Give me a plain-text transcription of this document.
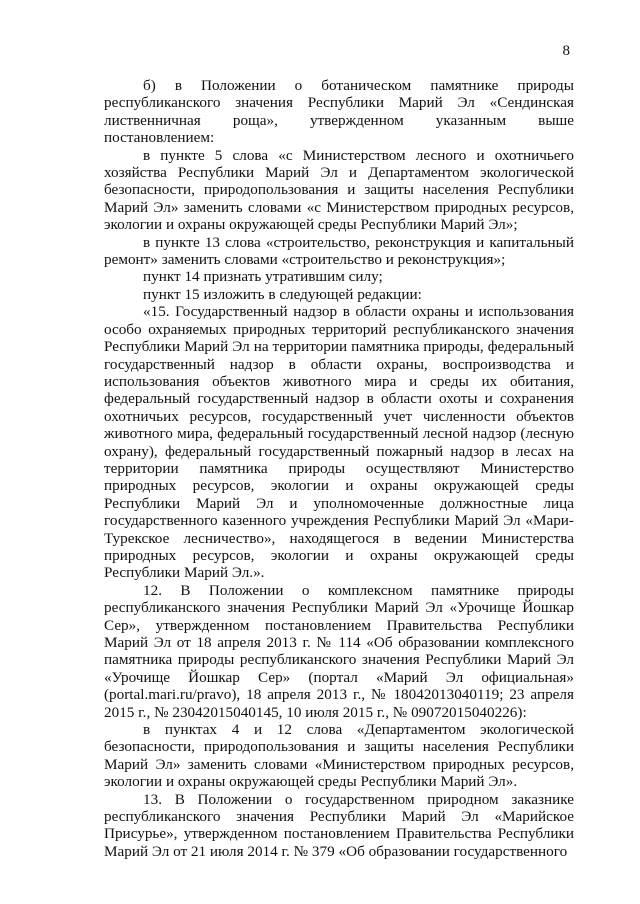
8

б) в Положении о ботаническом памятнике природы республиканского значения Республики Марий Эл «Сендинская лиственничная роща», утвержденном указанным выше постановлением:

в пункте 5 слова «с Министерством лесного и охотничьего хозяйства Республики Марий Эл и Департаментом экологической безопасности, природопользования и защиты населения Республики Марий Эл» заменить словами «с Министерством природных ресурсов, экологии и охраны окружающей среды Республики Марий Эл»;

в пункте 13 слова «строительство, реконструкция и капитальный ремонт» заменить словами «строительство и реконструкция»;

пункт 14 признать утратившим силу;

пункт 15 изложить в следующей редакции:

«15. Государственный надзор в области охраны и использования особо охраняемых природных территорий республиканского значения Республики Марий Эл на территории памятника природы, федеральный государственный надзор в области охраны, воспроизводства и использования объектов животного мира и среды их обитания, федеральный государственный надзор в области охоты и сохранения охотничьих ресурсов, государственный учет численности объектов животного мира, федеральный государственный лесной надзор (лесную охрану), федеральный государственный пожарный надзор в лесах на территории памятника природы осуществляют Министерство природных ресурсов, экологии и охраны окружающей среды Республики Марий Эл и уполномоченные должностные лица государственного казенного учреждения Республики Марий Эл «Мари-Турекское лесничество», находящегося в ведении Министерства природных ресурсов, экологии и охраны окружающей среды Республики Марий Эл.».

12. В Положении о комплексном памятнике природы республиканского значения Республики Марий Эл «Урочище Йошкар Сер», утвержденном постановлением Правительства Республики Марий Эл от 18 апреля 2013 г. № 114 «Об образовании комплексного памятника природы республиканского значения Республики Марий Эл «Урочище Йошкар Сер» (портал «Марий Эл официальная» (portal.mari.ru/pravo), 18 апреля 2013 г., № 18042013040119; 23 апреля 2015 г., № 23042015040145, 10 июля 2015 г., № 09072015040226):

в пунктах 4 и 12 слова «Департаментом экологической безопасности, природопользования и защиты населения Республики Марий Эл» заменить словами «Министерством природных ресурсов, экологии и охраны окружающей среды Республики Марий Эл».

13. В Положении о государственном природном заказнике республиканского значения Республики Марий Эл «Марийское Присурье», утвержденном постановлением Правительства Республики Марий Эл от 21 июля 2014 г. № 379 «Об образовании государственного
